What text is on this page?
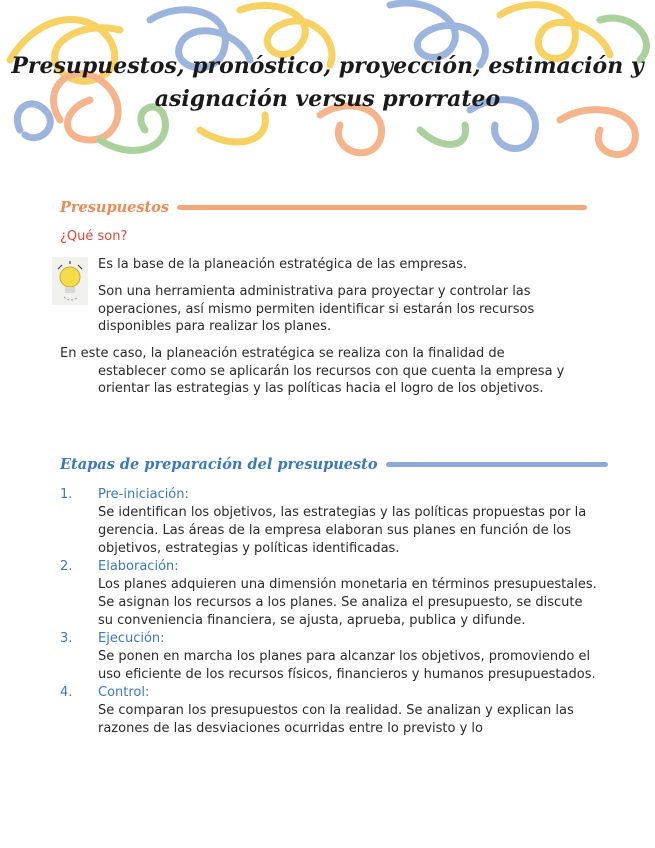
Presupuestos, pronóstico, proyección, estimación y asignación versus prorrateo
Presupuestos
¿Qué son?
Es la base de la planeación estratégica de las empresas.
Son una herramienta administrativa para proyectar y controlar las operaciones, así mismo permiten identificar si estarán los recursos disponibles para realizar los planes.
En este caso, la planeación estratégica se realiza con la finalidad de
establecer como se aplicarán los recursos con que cuenta la empresa y orientar las estrategias y las políticas hacia el logro de los objetivos.
Etapas de preparación del presupuesto
1. Pre-iniciación:
Se identifican los objetivos, las estrategias y las políticas propuestas por la gerencia. Las áreas de la empresa elaboran sus planes en función de los objetivos, estrategias y políticas identificadas.
2. Elaboración:
Los planes adquieren una dimensión monetaria en términos presupuestales. Se asignan los recursos a los planes. Se analiza el presupuesto, se discute su conveniencia financiera, se ajusta, aprueba, publica y difunde.
3. Ejecución:
Se ponen en marcha los planes para alcanzar los objetivos, promoviendo el uso eficiente de los recursos físicos, financieros y humanos presupuestados.
4. Control:
Se comparan los presupuestos con la realidad. Se analizan y explican las razones de las desviaciones ocurridas entre lo previsto y lo
